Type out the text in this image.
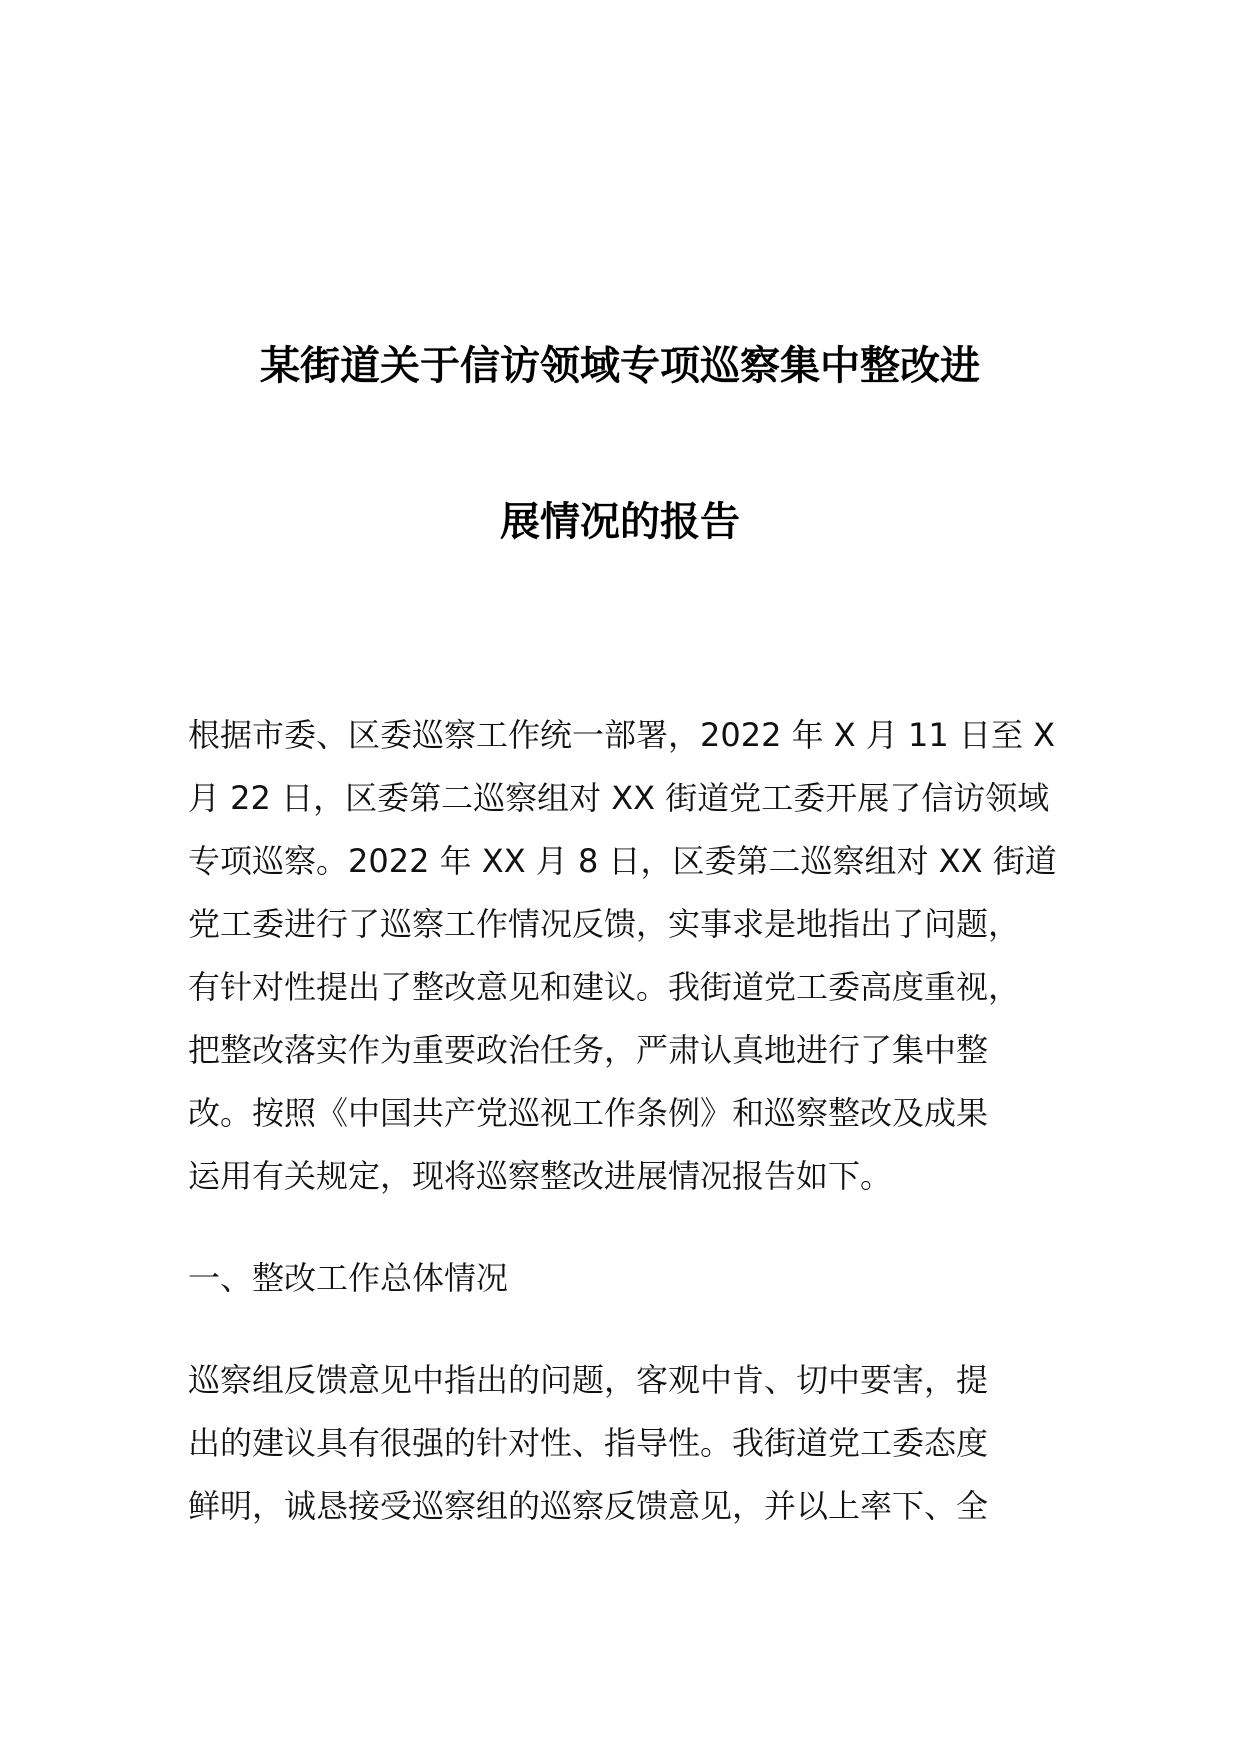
某街道关于信访领域专项巡察集中整改进
展情况的报告
根据市委、区委巡察工作统一部署，2022 年 X 月 11 日至 X
月 22 日，区委第二巡察组对 XX 街道党工委开展了信访领域
专项巡察。2022 年 XX 月 8 日，区委第二巡察组对 XX 街道
党工委进行了巡察工作情况反馈，实事求是地指出了问题，
有针对性提出了整改意见和建议。我街道党工委高度重视，
把整改落实作为重要政治任务，严肃认真地进行了集中整
改。按照《中国共产党巡视工作条例》和巡察整改及成果
运用有关规定，现将巡察整改进展情况报告如下。
一、整改工作总体情况
巡察组反馈意见中指出的问题，客观中肯、切中要害，提
出的建议具有很强的针对性、指导性。我街道党工委态度
鲜明，诚恳接受巡察组的巡察反馈意见，并以上率下、全
